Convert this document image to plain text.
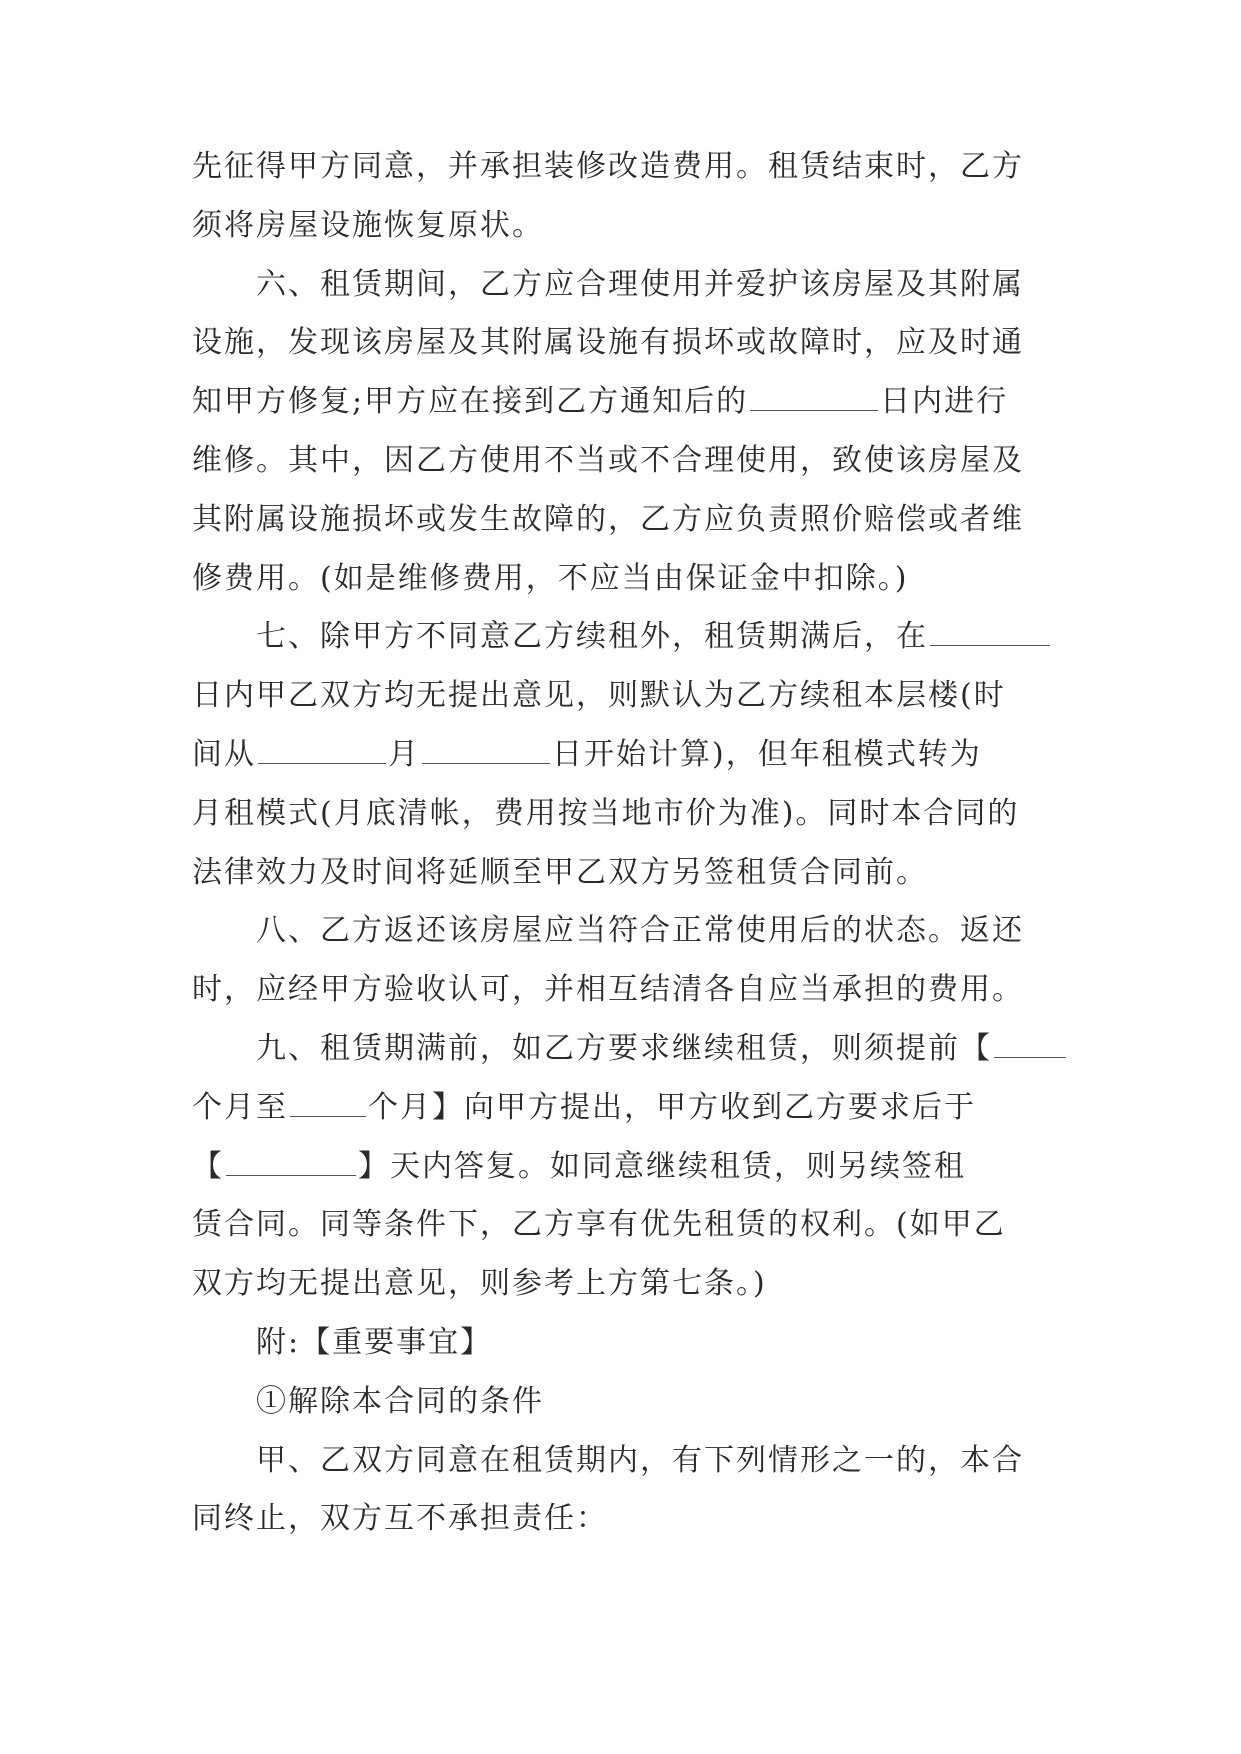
先征得甲方同意，并承担装修改造费用。租赁结束时，乙方
须将房屋设施恢复原状。
六、租赁期间，乙方应合理使用并爱护该房屋及其附属
设施，发现该房屋及其附属设施有损坏或故障时，应及时通
知甲方修复;甲方应在接到乙方通知后的	日内进行
维修。其中，因乙方使用不当或不合理使用，致使该房屋及
其附属设施损坏或发生故障的，乙方应负责照价赔偿或者维
修费用。(如是维修费用，不应当由保证金中扣除。)
七、除甲方不同意乙方续租外，租赁期满后，在
日内甲乙双方均无提出意见，则默认为乙方续租本层楼(时
间从	月	日开始计算)，但年租模式转为
月租模式(月底清帐，费用按当地市价为准)。同时本合同的
法律效力及时间将延顺至甲乙双方另签租赁合同前。
八、乙方返还该房屋应当符合正常使用后的状态。返还
时，应经甲方验收认可，并相互结清各自应当承担的费用。
九、租赁期满前，如乙方要求继续租赁，则须提前【
个月至	个月】向甲方提出，甲方收到乙方要求后于
【	】天内答复。如同意继续租赁，则另续签租
赁合同。同等条件下，乙方享有优先租赁的权利。(如甲乙
双方均无提出意见，则参考上方第七条。)
附:【重要事宜】
①解除本合同的条件
甲、乙双方同意在租赁期内，有下列情形之一的，本合
同终止，双方互不承担责任：
